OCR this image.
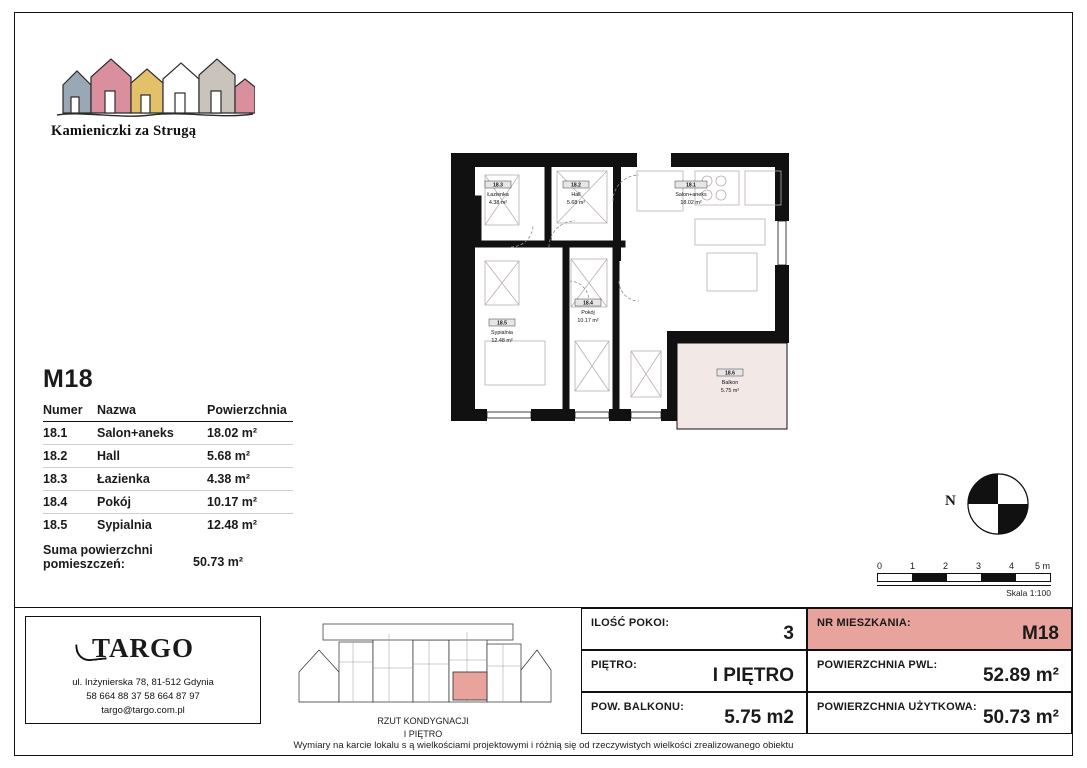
Kamieniczki za Strugą
M18
Numer	Nazwa	Powierzchnia
18.1	Salon+aneks	18.02 m²
18.2	Hall	5.68 m²
18.3	Łazienka	4.38 m²
18.4	Pokój	10.17 m²
18.5	Sypialnia	12.48 m²
Suma powierzchni pomieszczeń:	50.73 m²
18.3
Łazienka
4.38 m²
18.2
Hall
5.68 m²
18.1
Salon+aneks
18.02 m²
18.5
Sypialnia
12.48 m²
18.4
Pokój
10.17 m²
18.6
Balkon
5.75 m²
N
0	1	2	3	4 5 m
Skala 1:100
TARGO
ul. Inżynierska 78, 81-512 Gdynia
58 664 88 37 58 664 87 97
targo@targo.com.pl
RZUT KONDYGNACJI
I PIĘTRO
ILOŚĆ POKOI:	3 NR MIESZKANIA:	M18
PIĘTRO:	I PIĘTRO POWIERZCHNIA PWL: 52.89 m²
POW. BALKONU: 5.75 m2 POWIERZCHNIA UŻYTKOWA: 50.73 m²
Wymiary na karcie lokalu s ą wielkościami projektowymi i różnią się od rzeczywistych wielkości zrealizowanego obiektu
